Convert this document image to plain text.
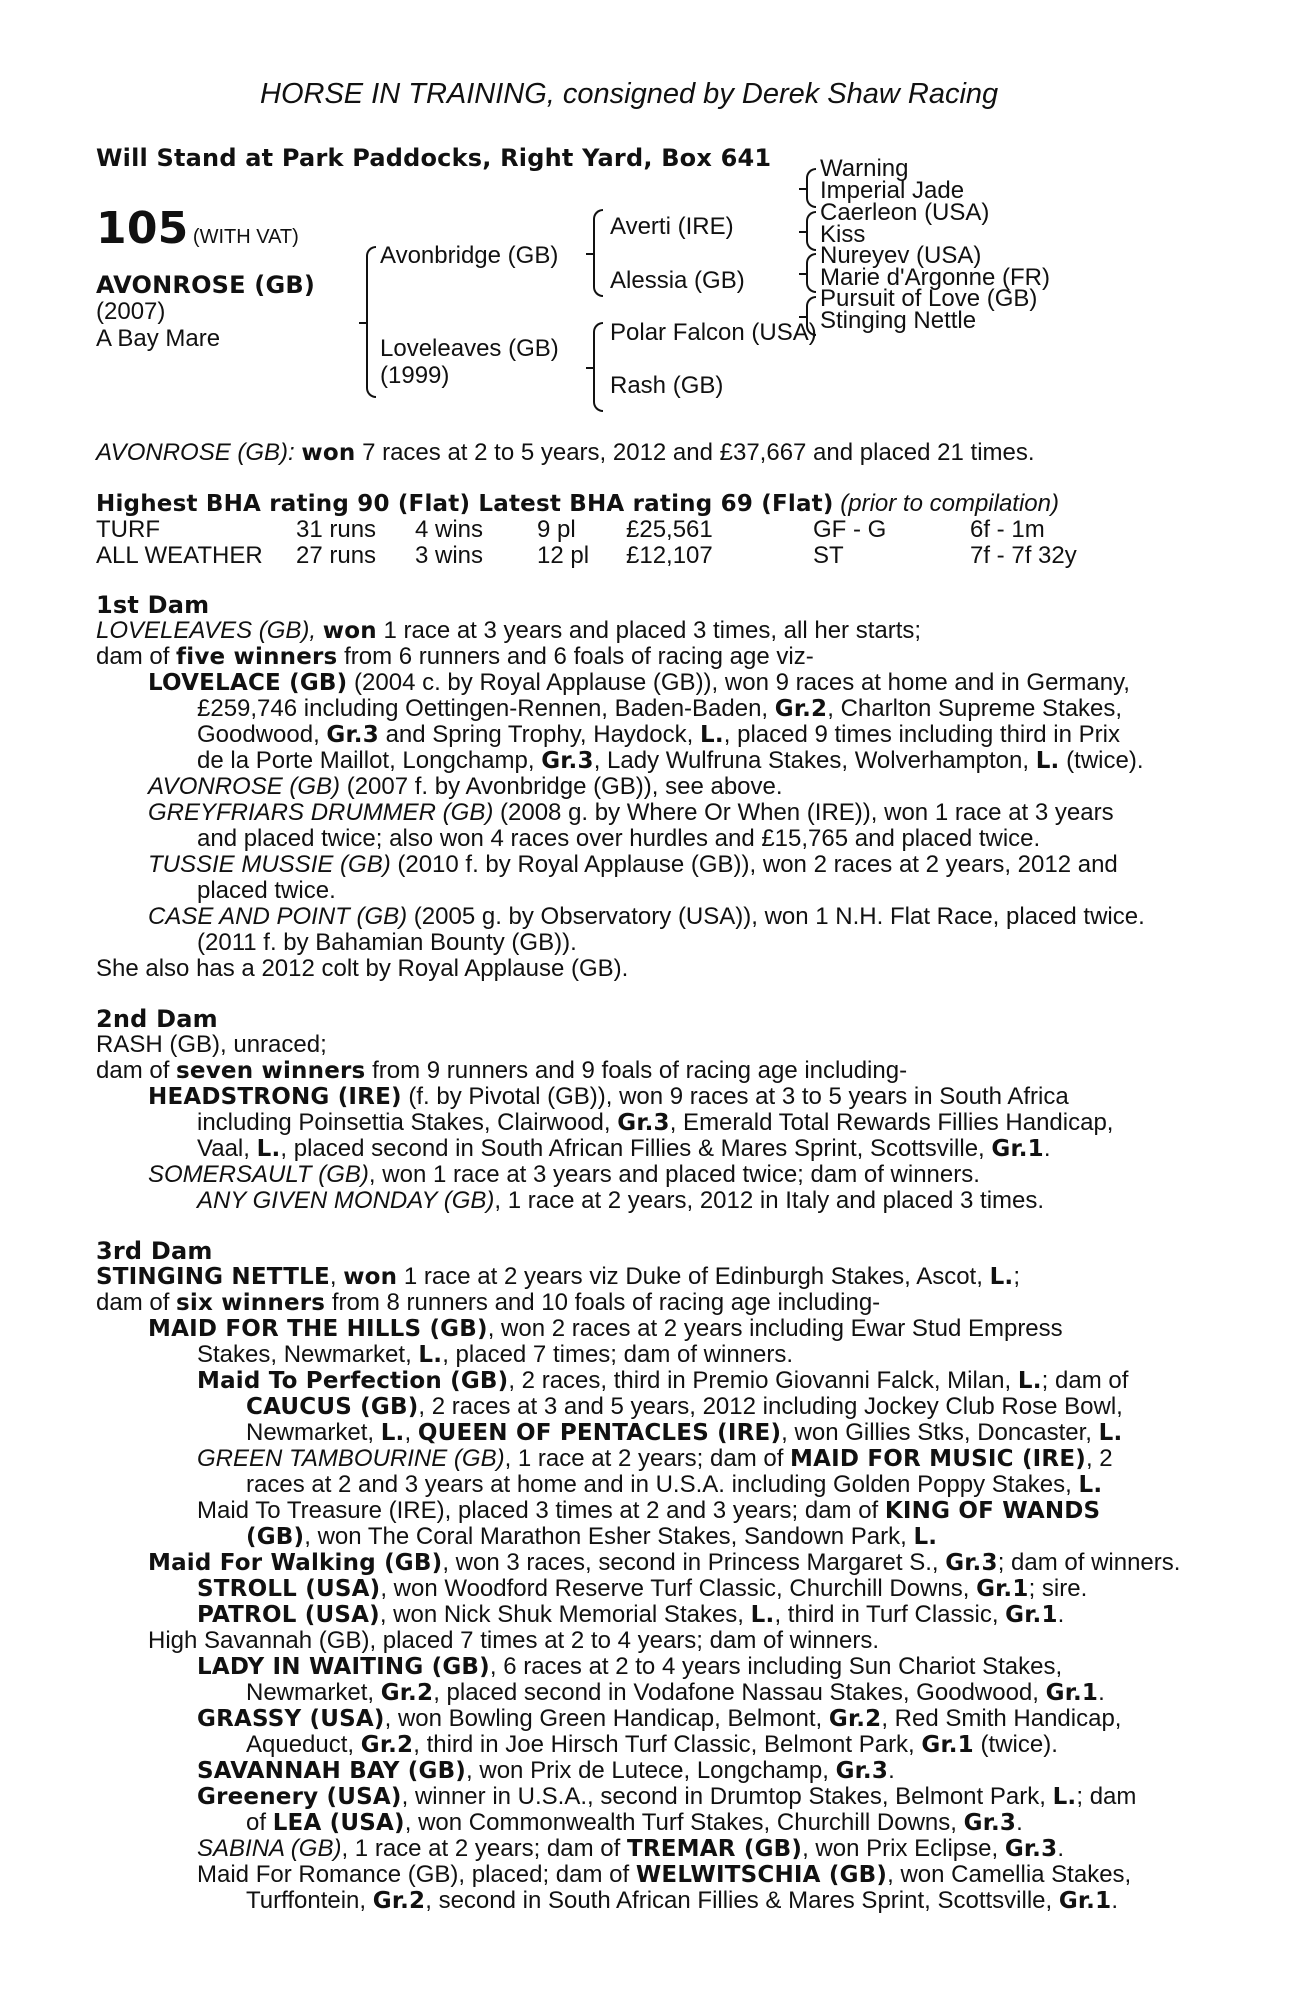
HORSE IN TRAINING, consigned by Derek Shaw Racing
Will Stand at Park Paddocks, Right Yard, Box 641
105 (WITH VAT)
AVONROSE (GB)
(2007)
A Bay Mare
Avonbridge (GB)
Loveleaves (GB)
(1999)
Averti (IRE)
Alessia (GB)
Polar Falcon (USA)
Rash (GB)
Warning
Imperial Jade
Caerleon (USA)
Kiss
Nureyev (USA)
Marie d'Argonne (FR)
Pursuit of Love (GB)
Stinging Nettle
AVONROSE (GB): won 7 races at 2 to 5 years, 2012 and £37,667 and placed 21 times.
Highest BHA rating 90 (Flat) Latest BHA rating 69 (Flat) (prior to compilation)
TURF	31 runs 4 wins 9 pl £25,561	GF - G	6f - 1m
ALL WEATHER 27 runs 3 wins 12 pl £12,107	ST	7f - 7f 32y
1st Dam
LOVELEAVES (GB), won 1 race at 3 years and placed 3 times, all her starts;
dam of five winners from 6 runners and 6 foals of racing age viz-
LOVELACE (GB) (2004 c. by Royal Applause (GB)), won 9 races at home and in Germany,
£259,746 including Oettingen-Rennen, Baden-Baden, Gr.2, Charlton Supreme Stakes,
Goodwood, Gr.3 and Spring Trophy, Haydock, L., placed 9 times including third in Prix
de la Porte Maillot, Longchamp, Gr.3, Lady Wulfruna Stakes, Wolverhampton, L. (twice).
AVONROSE (GB) (2007 f. by Avonbridge (GB)), see above.
GREYFRIARS DRUMMER (GB) (2008 g. by Where Or When (IRE)), won 1 race at 3 years
and placed twice; also won 4 races over hurdles and £15,765 and placed twice.
TUSSIE MUSSIE (GB) (2010 f. by Royal Applause (GB)), won 2 races at 2 years, 2012 and
placed twice.
CASE AND POINT (GB) (2005 g. by Observatory (USA)), won 1 N.H. Flat Race, placed twice.
(2011 f. by Bahamian Bounty (GB)).
She also has a 2012 colt by Royal Applause (GB).
2nd Dam
RASH (GB), unraced;
dam of seven winners from 9 runners and 9 foals of racing age including-
HEADSTRONG (IRE) (f. by Pivotal (GB)), won 9 races at 3 to 5 years in South Africa
including Poinsettia Stakes, Clairwood, Gr.3, Emerald Total Rewards Fillies Handicap,
Vaal, L., placed second in South African Fillies & Mares Sprint, Scottsville, Gr.1.
SOMERSAULT (GB), won 1 race at 3 years and placed twice; dam of winners.
ANY GIVEN MONDAY (GB), 1 race at 2 years, 2012 in Italy and placed 3 times.
3rd Dam
STINGING NETTLE, won 1 race at 2 years viz Duke of Edinburgh Stakes, Ascot, L.;
dam of six winners from 8 runners and 10 foals of racing age including-
MAID FOR THE HILLS (GB), won 2 races at 2 years including Ewar Stud Empress
Stakes, Newmarket, L., placed 7 times; dam of winners.
Maid To Perfection (GB), 2 races, third in Premio Giovanni Falck, Milan, L.; dam of
CAUCUS (GB), 2 races at 3 and 5 years, 2012 including Jockey Club Rose Bowl,
Newmarket, L., QUEEN OF PENTACLES (IRE), won Gillies Stks, Doncaster, L.
GREEN TAMBOURINE (GB), 1 race at 2 years; dam of MAID FOR MUSIC (IRE), 2
races at 2 and 3 years at home and in U.S.A. including Golden Poppy Stakes, L.
Maid To Treasure (IRE), placed 3 times at 2 and 3 years; dam of KING OF WANDS
(GB), won The Coral Marathon Esher Stakes, Sandown Park, L.
Maid For Walking (GB), won 3 races, second in Princess Margaret S., Gr.3; dam of winners.
STROLL (USA), won Woodford Reserve Turf Classic, Churchill Downs, Gr.1; sire.
PATROL (USA), won Nick Shuk Memorial Stakes, L., third in Turf Classic, Gr.1.
High Savannah (GB), placed 7 times at 2 to 4 years; dam of winners.
LADY IN WAITING (GB), 6 races at 2 to 4 years including Sun Chariot Stakes,
Newmarket, Gr.2, placed second in Vodafone Nassau Stakes, Goodwood, Gr.1.
GRASSY (USA), won Bowling Green Handicap, Belmont, Gr.2, Red Smith Handicap,
Aqueduct, Gr.2, third in Joe Hirsch Turf Classic, Belmont Park, Gr.1 (twice).
SAVANNAH BAY (GB), won Prix de Lutece, Longchamp, Gr.3.
Greenery (USA), winner in U.S.A., second in Drumtop Stakes, Belmont Park, L.; dam
of LEA (USA), won Commonwealth Turf Stakes, Churchill Downs, Gr.3.
SABINA (GB), 1 race at 2 years; dam of TREMAR (GB), won Prix Eclipse, Gr.3.
Maid For Romance (GB), placed; dam of WELWITSCHIA (GB), won Camellia Stakes,
Turffontein, Gr.2, second in South African Fillies & Mares Sprint, Scottsville, Gr.1.
